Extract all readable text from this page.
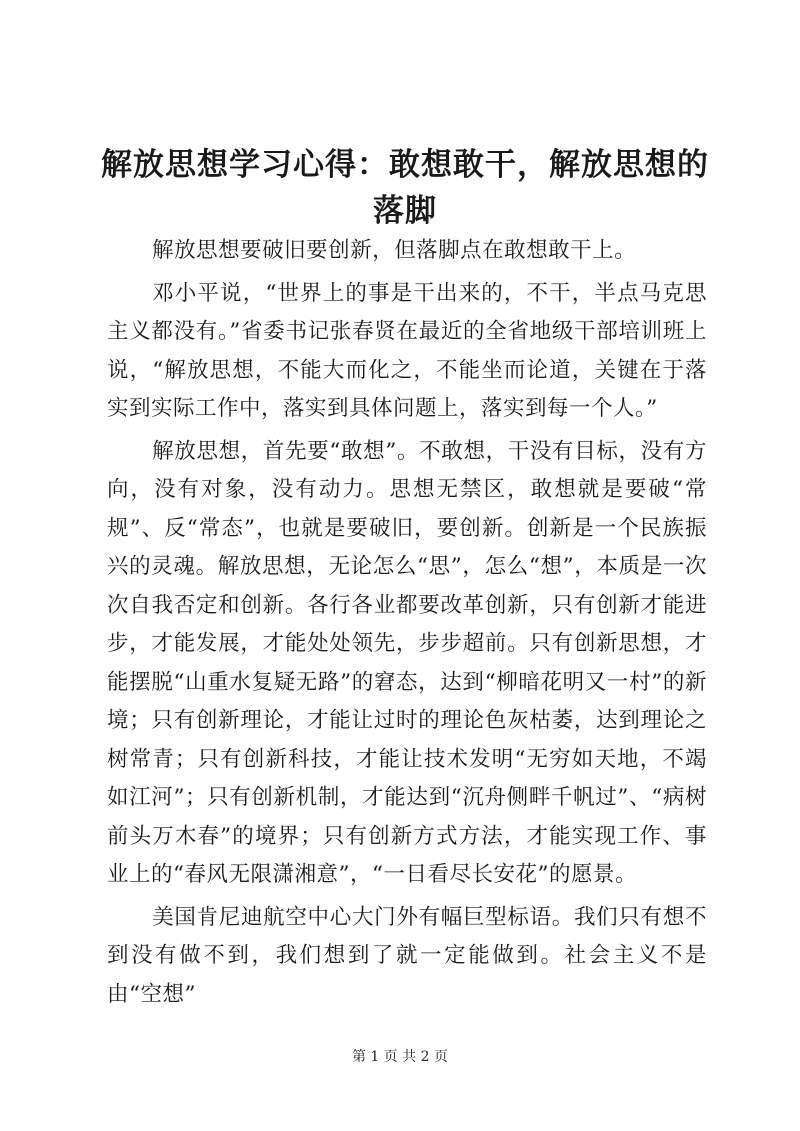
解放思想学习心得：敢想敢干，解放思想的落脚

解放思想要破旧要创新，但落脚点在敢想敢干上。

邓小平说，“世界上的事是干出来的，不干，半点马克思主义都没有。”省委书记张春贤在最近的全省地级干部培训班上说，“解放思想，不能大而化之，不能坐而论道，关键在于落实到实际工作中，落实到具体问题上，落实到每一个人。”

解放思想，首先要“敢想”。不敢想，干没有目标，没有方向，没有对象，没有动力。思想无禁区，敢想就是要破“常规”、反“常态”，也就是要破旧，要创新。创新是一个民族振兴的灵魂。解放思想，无论怎么“思”，怎么“想”，本质是一次次自我否定和创新。各行各业都要改革创新，只有创新才能进步，才能发展，才能处处领先，步步超前。只有创新思想，才能摆脱“山重水复疑无路”的窘态，达到“柳暗花明又一村”的新境；只有创新理论，才能让过时的理论色灰枯萎，达到理论之树常青；只有创新科技，才能让技术发明“无穷如天地，不竭如江河”；只有创新机制，才能达到“沉舟侧畔千帆过”、“病树前头万木春”的境界；只有创新方式方法，才能实现工作、事业上的“春风无限潇湘意”，“一日看尽长安花”的愿景。

美国肯尼迪航空中心大门外有幅巨型标语。我们只有想不到没有做不到，我们想到了就一定能做到。社会主义不是由“空想”

第 1 页 共 2 页
